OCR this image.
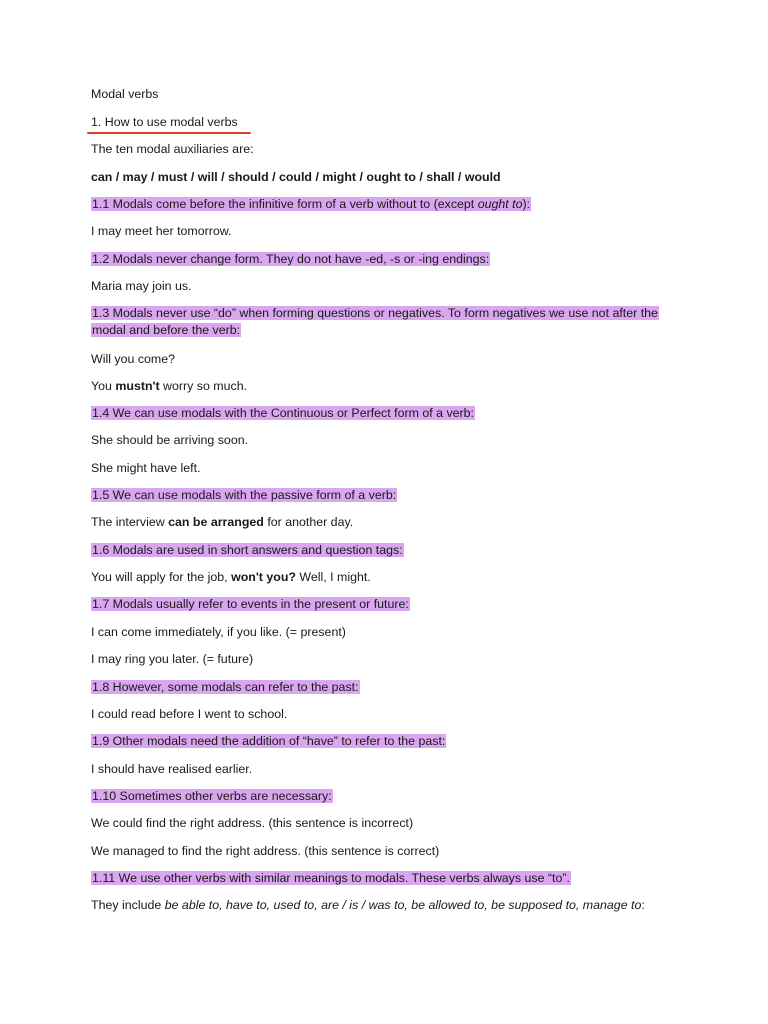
Modal verbs
1. How to use modal verbs
The ten modal auxiliaries are:
can / may / must / will / should / could / might / ought to / shall / would
1.1 Modals come before the infinitive form of a verb without to (except ought to):
I may meet her tomorrow.
1.2 Modals never change form. They do not have -ed, -s or -ing endings:
Maria may join us.
1.3 Modals never use “do” when forming questions or negatives. To form negatives we use not after the modal and before the verb:
Will you come?
You mustn't worry so much.
1.4 We can use modals with the Continuous or Perfect form of a verb:
She should be arriving soon.
She might have left.
1.5 We can use modals with the passive form of a verb:
The interview can be arranged for another day.
1.6 Modals are used in short answers and question tags:
You will apply for the job, won't you? Well, I might.
1.7 Modals usually refer to events in the present or future:
I can come immediately, if you like. (= present)
I may ring you later. (= future)
1.8 However, some modals can refer to the past:
I could read before I went to school.
1.9 Other modals need the addition of “have” to refer to the past:
I should have realised earlier.
1.10 Sometimes other verbs are necessary:
We could find the right address. (this sentence is incorrect)
We managed to find the right address. (this sentence is correct)
1.11 We use other verbs with similar meanings to modals. These verbs always use “to”.
They include be able to, have to, used to, are / is / was to, be allowed to, be supposed to, manage to:
